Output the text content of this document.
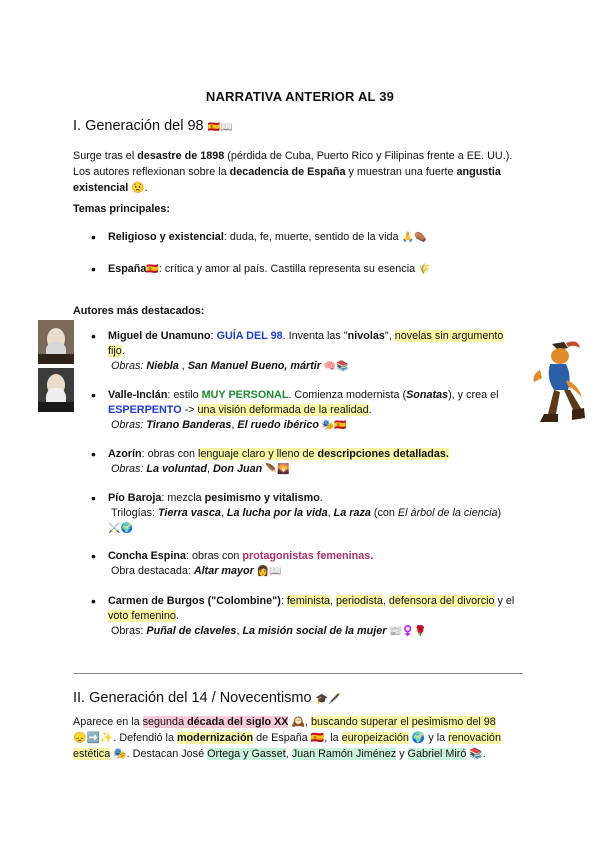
NARRATIVA ANTERIOR AL 39
I. Generación del 98 🇪🇸📖
Surge tras el desastre de 1898 (pérdida de Cuba, Puerto Rico y Filipinas frente a EE. UU.).
Los autores reflexionan sobre la decadencia de España y muestran una fuerte angustia
existencial 😟.
Temas principales:
• Religioso y existencial: duda, fe, muerte, sentido de la vida 🙏⚰️
• España🇪🇸: crítica y amor al país. Castilla representa su esencia 🌾
Autores más destacados:
• Miguel de Unamuno: GUÍA DEL 98. Inventa las "nivolas", novelas sin argumento
fijo.

Obras: Niebla , San Manuel Bueno, mártir 🧠📚
• Valle-Inclán: estilo MUY PERSONAL. Comienza modernista (Sonatas), y crea el
ESPERPENTO -> una visión deformada de la realidad.

Obras: Tirano Banderas, El ruedo ibérico 🎭🇪🇸
• Azorín: obras con lenguaje claro y lleno de descripciones detalladas.

Obras: La voluntad, Don Juan 🪶🌄
• Pío Baroja: mezcla pesimismo y vitalismo.

Trilogías: Tierra vasca, La lucha por la vida, La raza (con El árbol de la ciencia)
⚔️🌍
• Concha Espina: obras con protagonistas femeninas.

Obra destacada: Altar mayor 👩📖
• Carmen de Burgos ("Colombine"): feminista, periodista, defensora del divorcio y el
voto femenino.

Obras: Puñal de claveles, La misión social de la mujer 📰♀️🌹
II. Generación del 14 / Novecentismo 🎓🖋️
Aparece en la segunda década del siglo XX 🕰️, buscando superar el pesimismo del 98
😞➡️✨. Defendió la modernización de España 🇪🇸, la europeización 🌍 y la renovación
estética 🎭. Destacan José Ortega y Gasset, Juan Ramón Jiménez y Gabriel Miró 📚.
